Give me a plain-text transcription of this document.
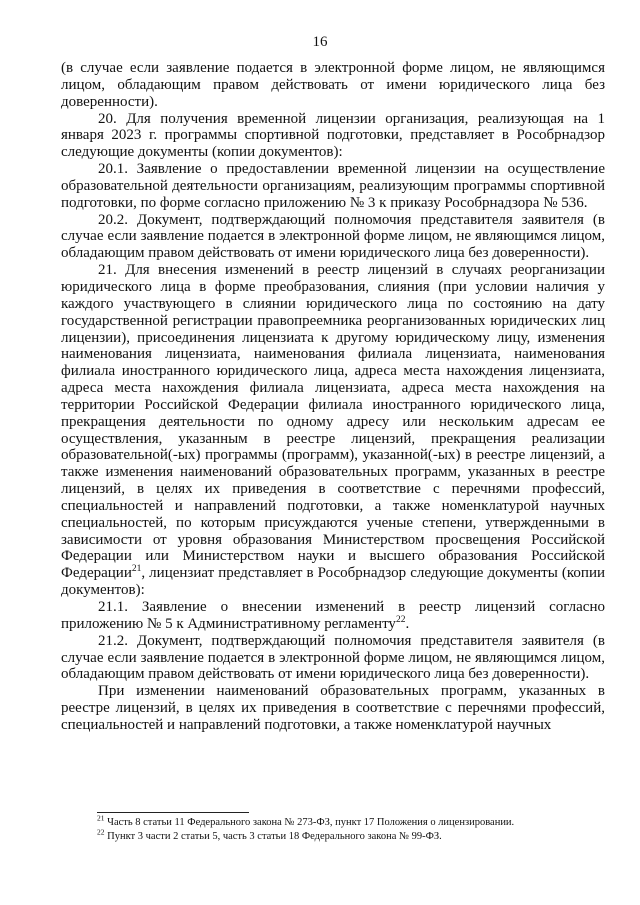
16

(в случае если заявление подается в электронной форме лицом, не являющимся лицом, обладающим правом действовать от имени юридического лица без доверенности).

20. Для получения временной лицензии организация, реализующая на 1 января 2023 г. программы спортивной подготовки, представляет в Рособрнадзор следующие документы (копии документов):

20.1. Заявление о предоставлении временной лицензии на осуществление образовательной деятельности организациям, реализующим программы спортивной подготовки, по форме согласно приложению № 3 к приказу Рособрнадзора № 536.

20.2. Документ, подтверждающий полномочия представителя заявителя (в случае если заявление подается в электронной форме лицом, не являющимся лицом, обладающим правом действовать от имени юридического лица без доверенности).

21. Для внесения изменений в реестр лицензий в случаях реорганизации юридического лица в форме преобразования, слияния (при условии наличия у каждого участвующего в слиянии юридического лица по состоянию на дату государственной регистрации правопреемника реорганизованных юридических лиц лицензии), присоединения лицензиата к другому юридическому лицу, изменения наименования лицензиата, наименования филиала лицензиата, наименования филиала иностранного юридического лица, адреса места нахождения лицензиата, адреса места нахождения филиала лицензиата, адреса места нахождения на территории Российской Федерации филиала иностранного юридического лица, прекращения деятельности по одному адресу или нескольким адресам ее осуществления, указанным в реестре лицензий, прекращения реализации образовательной(-ых) программы (программ), указанной(-ых) в реестре лицензий, а также изменения наименований образовательных программ, указанных в реестре лицензий, в целях их приведения в соответствие с перечнями профессий, специальностей и направлений подготовки, а также номенклатурой научных специальностей, по которым присуждаются ученые степени, утвержденными в зависимости от уровня образования Министерством просвещения Российской Федерации или Министерством науки и высшего образования Российской Федерации$^{21}$, лицензиат представляет в Рособрнадзор следующие документы (копии документов):

21.1. Заявление о внесении изменений в реестр лицензий согласно приложению № 5 к Административному регламенту$^{22}$.

21.2. Документ, подтверждающий полномочия представителя заявителя (в случае если заявление подается в электронной форме лицом, не являющимся лицом, обладающим правом действовать от имени юридического лица без доверенности).

При изменении наименований образовательных программ, указанных в реестре лицензий, в целях их приведения в соответствие с перечнями профессий, специальностей и направлений подготовки, а также номенклатурой научных

$^{21}$ Часть 8 статьи 11 Федерального закона № 273-ФЗ, пункт 17 Положения о лицензировании.

$^{22}$ Пункт 3 части 2 статьи 5, часть 3 статьи 18 Федерального закона № 99-ФЗ.
